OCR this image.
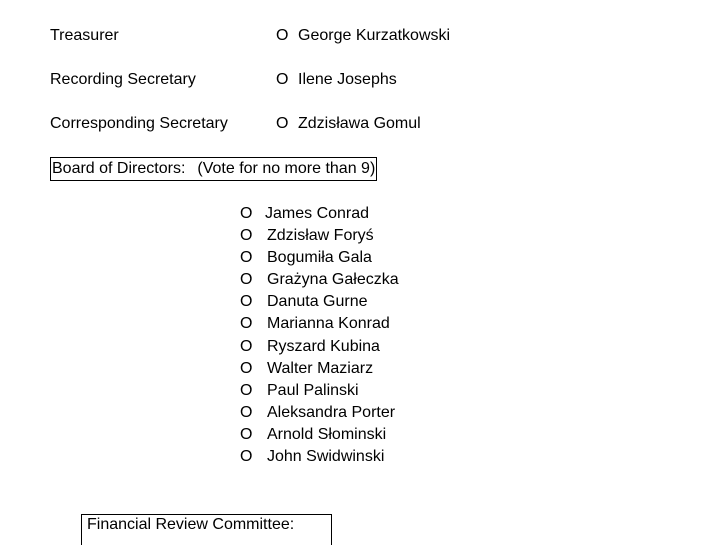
Treasurer	O George Kurzatkowski
Recording Secretary	O Ilene Josephs
Corresponding Secretary	O Zdzisława Gomul
Board of Directors: (Vote for no more than 9)
O James Conrad
O Zdzisław Foryś
O Bogumiła Gala
O Grażyna Gałeczka
O Danuta Gurne
O Marianna Konrad
O Ryszard Kubina
O Walter Maziarz
O Paul Palinski
O Aleksandra Porter
O Arnold Słominski
O John Swidwinski
Financial Review Committee:
